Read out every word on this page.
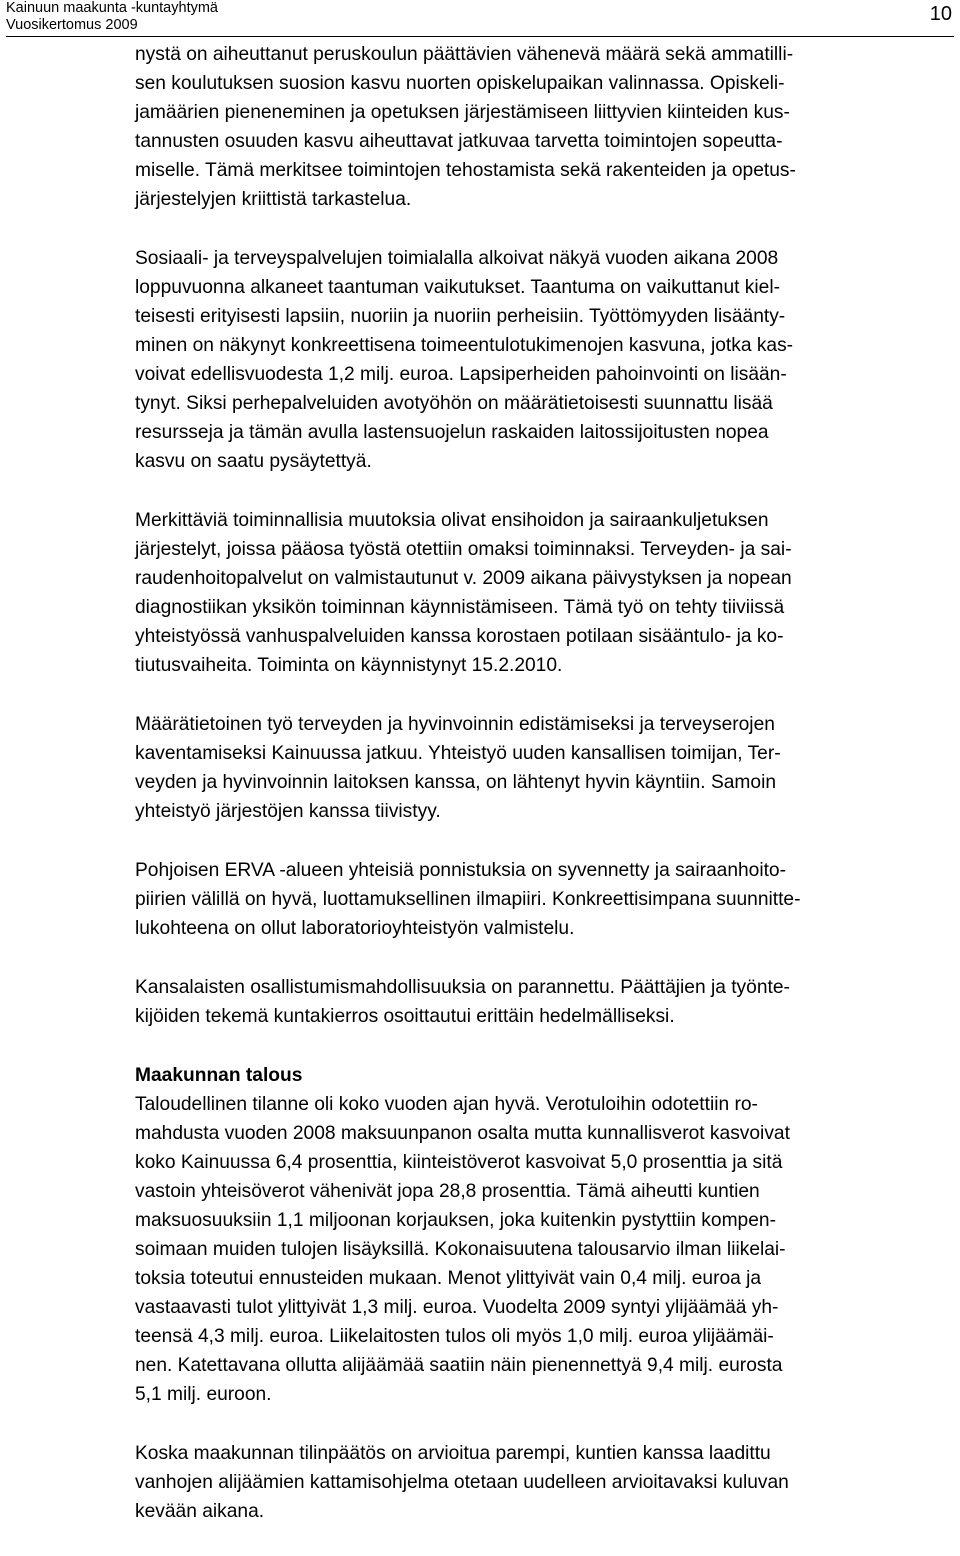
Kainuun maakunta -kuntayhtymä
Vuosikertomus 2009	10

nystä on aiheuttanut peruskoulun päättävien vähenevä määrä sekä ammatilli-
sen koulutuksen suosion kasvu nuorten opiskelupaikan valinnassa. Opiskeli-
jamäärien pieneneminen ja opetuksen järjestämiseen liittyvien kiinteiden kus-
tannusten osuuden kasvu aiheuttavat jatkuvaa tarvetta toimintojen sopeutta-
miselle. Tämä merkitsee toimintojen tehostamista sekä rakenteiden ja opetus-
järjestelyjen kriittistä tarkastelua.

Sosiaali- ja terveyspalvelujen toimialalla alkoivat näkyä vuoden aikana 2008
loppuvuonna alkaneet taantuman vaikutukset. Taantuma on vaikuttanut kiel-
teisesti erityisesti lapsiin, nuoriin ja nuoriin perheisiin. Työttömyyden lisäänty-
minen on näkynyt konkreettisena toimeentulotukimenojen kasvuna, jotka kas-
voivat edellisvuodesta 1,2 milj. euroa. Lapsiperheiden pahoinvointi on lisään-
tynyt. Siksi perhepalveluiden avotyöhön on määrätietoisesti suunnattu lisää
resursseja ja tämän avulla lastensuojelun raskaiden laitossijoitusten nopea
kasvu on saatu pysäytettyä.

Merkittäviä toiminnallisia muutoksia olivat ensihoidon ja sairaankuljetuksen
järjestelyt, joissa pääosa työstä otettiin omaksi toiminnaksi. Terveyden- ja sai-
raudenhoitopalvelut on valmistautunut v. 2009 aikana päivystyksen ja nopean
diagnostiikan yksikön toiminnan käynnistämiseen. Tämä työ on tehty tiiviissä
yhteistyössä vanhuspalveluiden kanssa korostaen potilaan sisääntulo- ja ko-
tiutusvaiheita. Toiminta on käynnistynyt 15.2.2010.

Määrätietoinen työ terveyden ja hyvinvoinnin edistämiseksi ja terveyserojen
kaventamiseksi Kainuussa jatkuu. Yhteistyö uuden kansallisen toimijan, Ter-
veyden ja hyvinvoinnin laitoksen kanssa, on lähtenyt hyvin käyntiin. Samoin
yhteistyö järjestöjen kanssa tiivistyy.

Pohjoisen ERVA -alueen yhteisiä ponnistuksia on syvennetty ja sairaanhoito-
piirien välillä on hyvä, luottamuksellinen ilmapiiri. Konkreettisimpana suunnitte-
lukohteena on ollut laboratorioyhteistyön valmistelu.

Kansalaisten osallistumismahdollisuuksia on parannettu. Päättäjien ja työnte-
kijöiden tekemä kuntakierros osoittautui erittäin hedelmälliseksi.

Maakunnan talous

Taloudellinen tilanne oli koko vuoden ajan hyvä. Verotuloihin odotettiin ro-
mahdusta vuoden 2008 maksuunpanon osalta mutta kunnallisverot kasvoivat
koko Kainuussa 6,4 prosenttia, kiinteistöverot kasvoivat 5,0 prosenttia ja sitä
vastoin yhteisöverot vähenivät jopa 28,8 prosenttia. Tämä aiheutti kuntien
maksuosuuksiin 1,1 miljoonan korjauksen, joka kuitenkin pystyttiin kompen-
soimaan muiden tulojen lisäyksillä. Kokonaisuutena talousarvio ilman liikelai-
toksia toteutui ennusteiden mukaan. Menot ylittyivät vain 0,4 milj. euroa ja
vastaavasti tulot ylittyivät 1,3 milj. euroa. Vuodelta 2009 syntyi ylijäämää yh-
teensä 4,3 milj. euroa. Liikelaitosten tulos oli myös 1,0 milj. euroa ylijäämäi-
nen. Katettavana ollutta alijäämää saatiin näin pienennettyä 9,4 milj. eurosta
5,1 milj. euroon.

Koska maakunnan tilinpäätös on arvioitua parempi, kuntien kanssa laadittu
vanhojen alijäämien kattamisohjelma otetaan uudelleen arvioitavaksi kuluvan
kevään aikana.
